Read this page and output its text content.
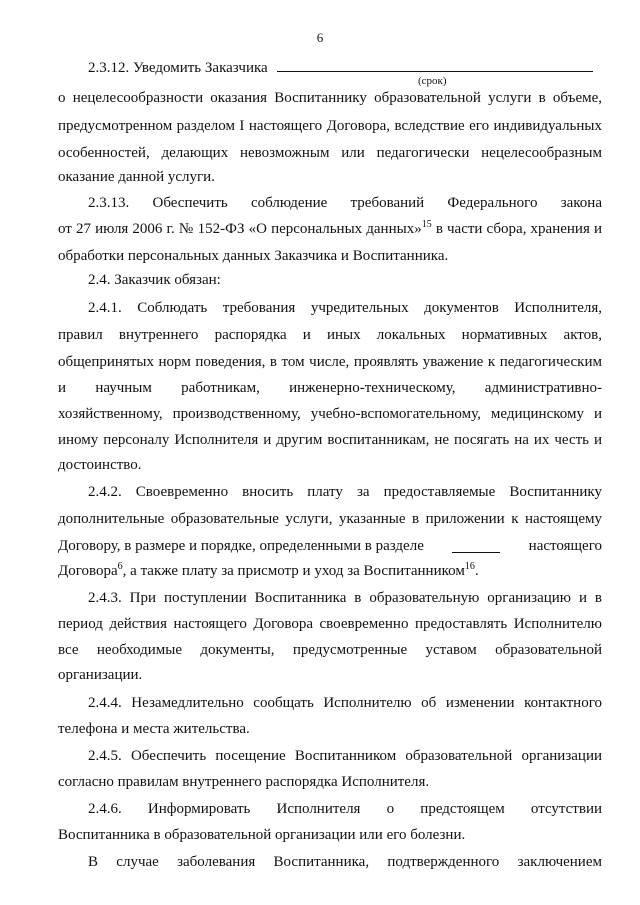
6
2.3.12. Уведомить Заказчика
(срок)
о нецелесообразности оказания Воспитаннику образовательной услуги в объеме,
предусмотренном разделом I настоящего Договора, вследствие его индивидуальных
особенностей, делающих невозможным или педагогически нецелесообразным
оказание данной услуги.
2.3.13. Обеспечить соблюдение требований Федерального закона
от 27 июля 2006 г. № 152-ФЗ «О персональных данных»$^{15}$ в части сбора, хранения и
обработки персональных данных Заказчика и Воспитанника.
2.4. Заказчик обязан:
2.4.1. Соблюдать требования учредительных документов Исполнителя,
правил внутреннего распорядка и иных локальных нормативных актов,
общепринятых норм поведения, в том числе, проявлять уважение к педагогическим
и научным работникам, инженерно-техническому, административно-
хозяйственному, производственному, учебно-вспомогательному, медицинскому и
иному персоналу Исполнителя и другим воспитанникам, не посягать на их честь и
достоинство.
2.4.2. Своевременно вносить плату за предоставляемые Воспитаннику
дополнительные образовательные услуги, указанные в приложении к настоящему
Договору, в размере и порядке, определенными в разделе	настоящего
Договора$^6$, а также плату за присмотр и уход за Воспитанником$^{16}$.
2.4.3. При поступлении Воспитанника в образовательную организацию и в
период действия настоящего Договора своевременно предоставлять Исполнителю
все необходимые документы, предусмотренные уставом образовательной
организации.
2.4.4. Незамедлительно сообщать Исполнителю об изменении контактного
телефона и места жительства.
2.4.5. Обеспечить посещение Воспитанником образовательной организации
согласно правилам внутреннего распорядка Исполнителя.
2.4.6. Информировать Исполнителя о предстоящем отсутствии
Воспитанника в образовательной организации или его болезни.
В случае заболевания Воспитанника, подтвержденного заключением
